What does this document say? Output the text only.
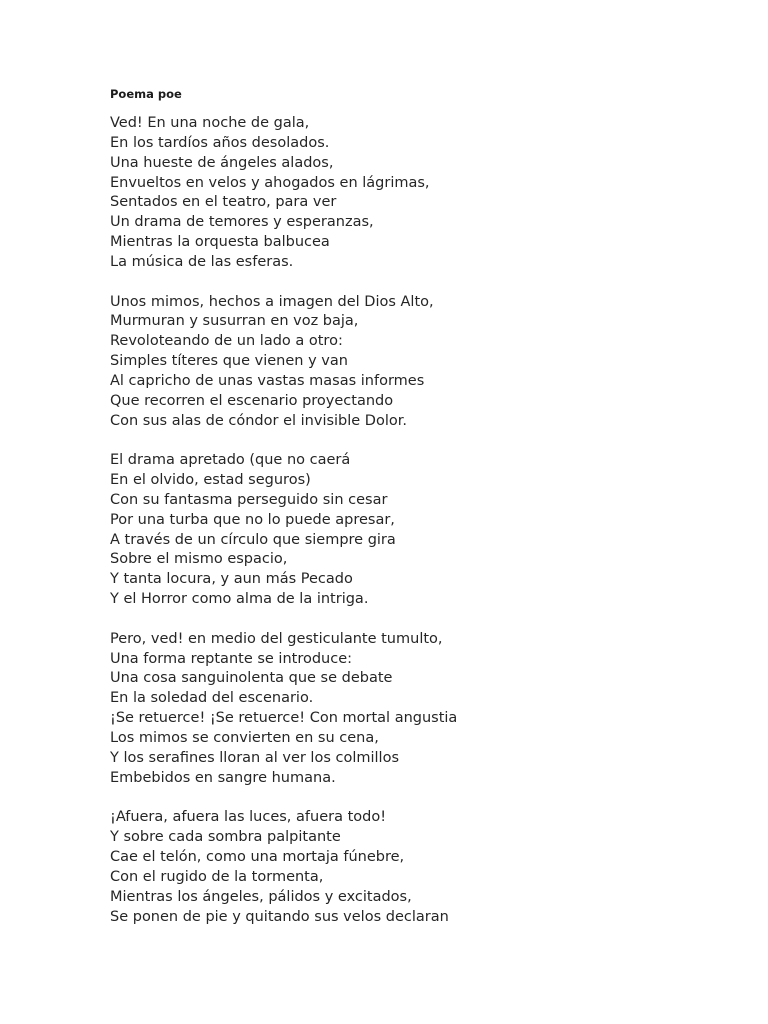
Poema poe
Ved! En una noche de gala,
En los tardíos años desolados.
Una hueste de ángeles alados,
Envueltos en velos y ahogados en lágrimas,
Sentados en el teatro, para ver
Un drama de temores y esperanzas,
Mientras la orquesta balbucea
La música de las esferas.
Unos mimos, hechos a imagen del Dios Alto,
Murmuran y susurran en voz baja,
Revoloteando de un lado a otro:
Simples títeres que vienen y van
Al capricho de unas vastas masas informes
Que recorren el escenario proyectando
Con sus alas de cóndor el invisible Dolor.
El drama apretado (que no caerá
En el olvido, estad seguros)
Con su fantasma perseguido sin cesar
Por una turba que no lo puede apresar,
A través de un círculo que siempre gira
Sobre el mismo espacio,
Y tanta locura, y aun más Pecado
Y el Horror como alma de la intriga.
Pero, ved! en medio del gesticulante tumulto,
Una forma reptante se introduce:
Una cosa sanguinolenta que se debate
En la soledad del escenario.
¡Se retuerce! ¡Se retuerce! Con mortal angustia
Los mimos se convierten en su cena,
Y los serafines lloran al ver los colmillos
Embebidos en sangre humana.
¡Afuera, afuera las luces, afuera todo!
Y sobre cada sombra palpitante
Cae el telón, como una mortaja fúnebre,
Con el rugido de la tormenta,
Mientras los ángeles, pálidos y excitados,
Se ponen de pie y quitando sus velos declaran
